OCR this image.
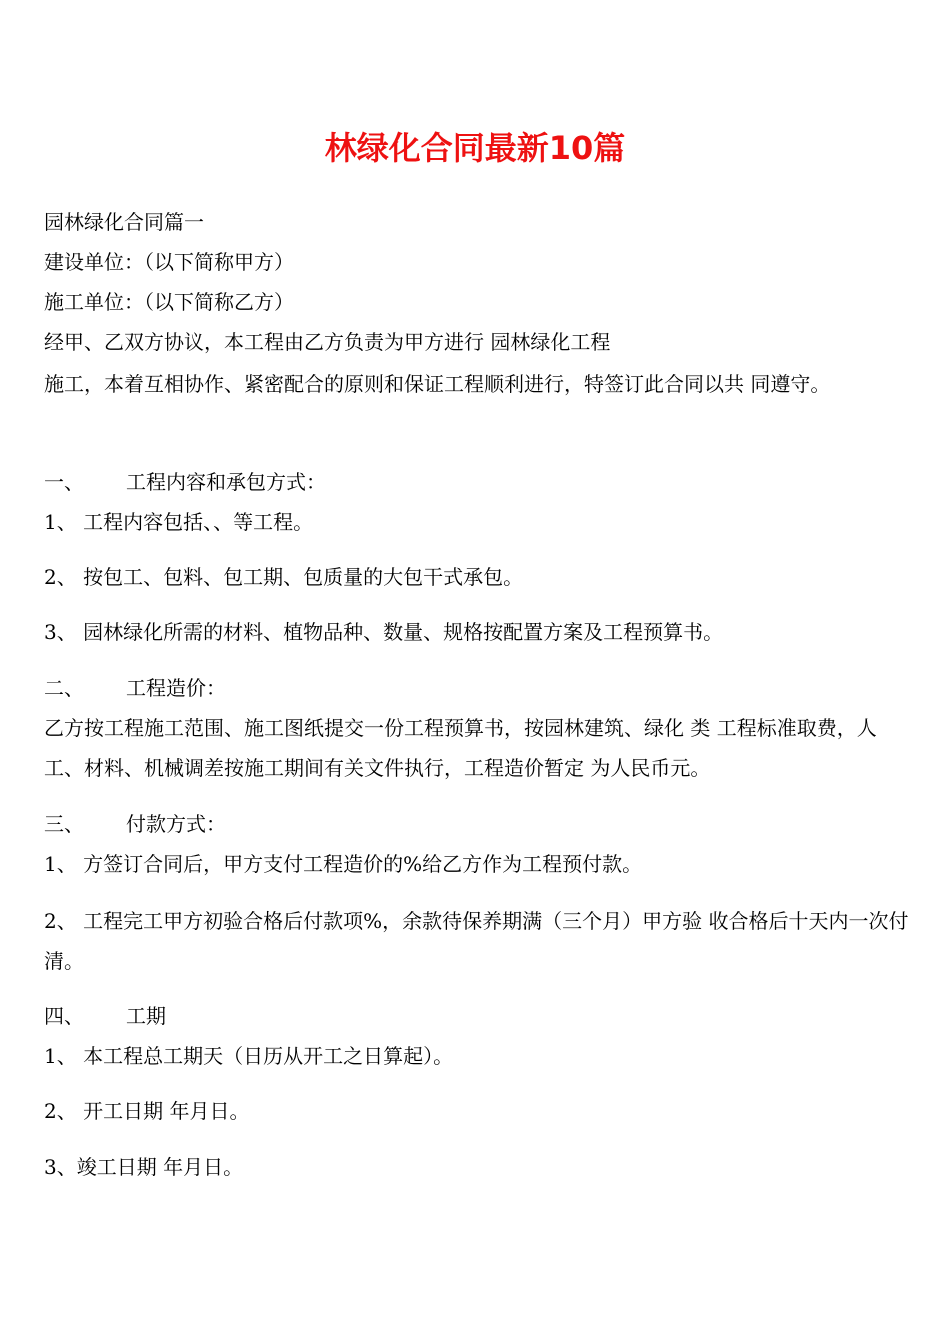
林绿化合同最新10篇
园林绿化合同篇一
建设单位：（以下简称甲方）
施工单位：（以下简称乙方）
经甲、乙双方协议，本工程由乙方负责为甲方进行 园林绿化工程
施工，本着互相协作、紧密配合的原则和保证工程顺利进行，特签订此合同以共 同遵守。
一、 工程内容和承包方式：
1、 工程内容包括、、等工程。
2、 按包工、包料、包工期、包质量的大包干式承包。
3、 园林绿化所需的材料、植物品种、数量、规格按配置方案及工程预算书。
二、 工程造价：
乙方按工程施工范围、施工图纸提交一份工程预算书，按园林建筑、绿化 类 工程标准取费，人工、材料、机械调差按施工期间有关文件执行，工程造价暂定 为人民币元。
三、 付款方式：
1、 方签订合同后，甲方支付工程造价的%给乙方作为工程预付款。
2、 工程完工甲方初验合格后付款项%，余款待保养期满（三个月）甲方验 收合格后十天内一次付清。
四、 工期
1、 本工程总工期天（日历从开工之日算起）。
2、 开工日期 年月日。
3、竣工日期 年月日。
